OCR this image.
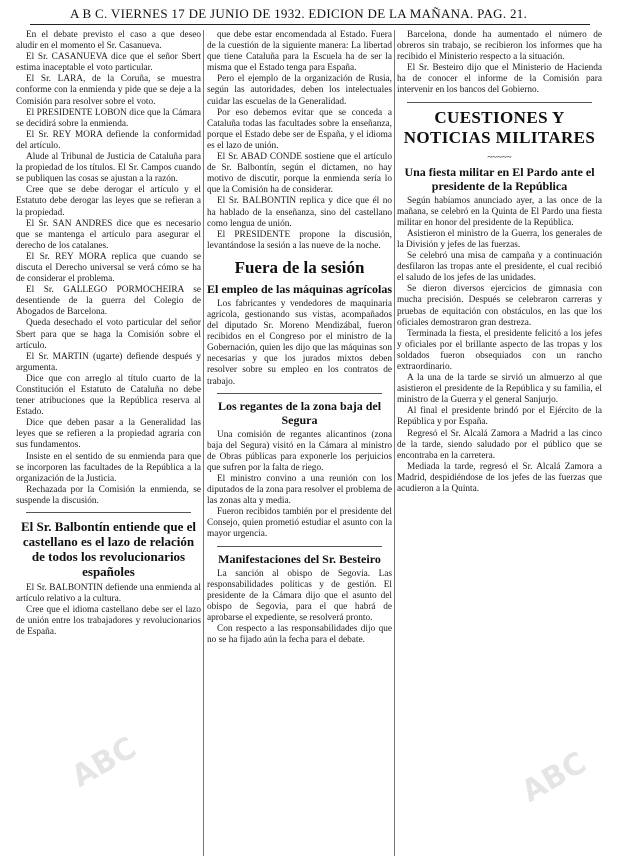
A B C. VIERNES 17 DE JUNIO DE 1932. EDICION DE LA MAÑANA. PAG. 21.

En el debate previsto el caso a que deseo aludir en el momento el Sr. Casanueva.

El Sr. CASANUEVA dice que el señor Sbert estima inaceptable el voto particular.

El Sr. LARA, de la Coruña, se muestra conforme con la enmienda y pide que se deje a la Comisión para resolver sobre el voto.

El PRESIDENTE LOBON dice que la Cámara se decidirá sobre la enmienda.

El Sr. REY MORA defiende la conformidad del artículo.

Alude al Tribunal de Justicia de Cataluña para la propiedad de los títulos. El Sr. Campos cuando se publiquen las cosas se ajustan a la razón.

Cree que se debe derogar el artículo y el Estatuto debe derogar las leyes que se refieran a la propiedad.

El Sr. SAN ANDRES dice que es necesario que se mantenga el artículo para asegurar el derecho de los catalanes.

El Sr. REY MORA replica que cuando se discuta el Derecho universal se verá cómo se ha de considerar el problema.

El Sr. GALLEGO PORMOCHEIRA se desentiende de la guerra del Colegio de Abogados de Barcelona.

Queda desechado el voto particular del señor Sbert para que se haga la Comisión sobre el artículo.

El Sr. MARTIN (ugarte) defiende después y argumenta.

Dice que con arreglo al título cuarto de la Constitución el Estatuto de Cataluña no debe tener atribuciones que la República reserva al Estado.

Dice que deben pasar a la Generalidad las leyes que se refieren a la propiedad agraria con sus fundamentos.

Insiste en el sentido de su enmienda para que se incorporen las facultades de la República a la organización de la Justicia.

Rechazada por la Comisión la enmienda, se suspende la discusión.

El Sr. Balbontín entiende que el castellano es el lazo de relación de todos los revolucionarios españoles

El Sr. BALBONTIN defiende una enmienda al artículo relativo a la cultura.

Cree que el idioma castellano debe ser el lazo de unión entre los trabajadores y revolucionarios de España.

que debe estar encomendada al Estado. Fuera de la cuestión de la siguiente manera: La libertad que tiene Cataluña para la Escuela ha de ser la misma que el Estado tenga para España.

Pero el ejemplo de la organización de Rusia, según las autoridades, deben los intelectuales cuidar las escuelas de la Generalidad.

Por eso debemos evitar que se conceda a Cataluña todas las facultades sobre la enseñanza, porque el Estado debe ser de España, y el idioma es el lazo de unión.

El Sr. ABAD CONDE sostiene que el artículo de Sr. Balbontín, según el dictamen, no hay motivo de discutir, porque la enmienda sería lo que la Comisión ha de considerar.

El Sr. BALBONTIN replica y dice que él no ha hablado de la enseñanza, sino del castellano como lengua de unión.

El PRESIDENTE propone la discusión, levantándose la sesión a las nueve de la noche.

Fuera de la sesión
El empleo de las máquinas agrícolas

Los fabricantes y vendedores de maquinaria agrícola, gestionando sus vistas, acompañados del diputado Sr. Moreno Mendizábal, fueron recibidos en el Congreso por el ministro de la Gobernación, quien les dijo que las máquinas son necesarias y que los jurados mixtos deben resolver sobre su empleo en los contratos de trabajo.

Los regantes de la zona baja del Segura

Una comisión de regantes alicantinos (zona baja del Segura) visitó en la Cámara al ministro de Obras públicas para exponerle los perjuicios que sufren por la falta de riego.

El ministro convino a una reunión con los diputados de la zona para resolver el problema de las zonas alta y media.

Fueron recibidos también por el presidente del Consejo, quien prometió estudiar el asunto con la mayor urgencia.

Manifestaciones del Sr. Besteiro

La sanción al obispo de Segovia. Las responsabilidades políticas y de gestión. El presidente de la Cámara dijo que el asunto del obispo de Segovia, para el que habrá de aprobarse el expediente, se resolverá pronto.

Con respecto a las responsabilidades dijo que no se ha fijado aún la fecha para el debate.

Barcelona, donde ha aumentado el número de obreros sin trabajo, se recibieron los informes que ha recibido el Ministerio respecto a la situación.

El Sr. Besteiro dijo que el Ministerio de Hacienda ha de conocer el informe de la Comisión para intervenir en los bancos del Gobierno.

CUESTIONES Y NOTICIAS MILITARES
~~~~~
Una fiesta militar en El Pardo ante el presidente de la República

Según habíamos anunciado ayer, a las once de la mañana, se celebró en la Quinta de El Pardo una fiesta militar en honor del presidente de la República.

Asistieron el ministro de la Guerra, los generales de la División y jefes de las fuerzas.

Se celebró una misa de campaña y a continuación desfilaron las tropas ante el presidente, el cual recibió el saludo de los jefes de las unidades.

Se dieron diversos ejercicios de gimnasia con mucha precisión. Después se celebraron carreras y pruebas de equitación con obstáculos, en las que los oficiales demostraron gran destreza.

Terminada la fiesta, el presidente felicitó a los jefes y oficiales por el brillante aspecto de las tropas y los soldados fueron obsequiados con un rancho extraordinario.

A la una de la tarde se sirvió un almuerzo al que asistieron el presidente de la República y su familia, el ministro de la Guerra y el general Sanjurjo.

Al final el presidente brindó por el Ejército de la República y por España.

Regresó el Sr. Alcalá Zamora a Madrid a las cinco de la tarde, siendo saludado por el público que se encontraba en la carretera.

Mediada la tarde, regresó el Sr. Alcalá Zamora a Madrid, despidiéndose de los jefes de las fuerzas que acudieron a la Quinta.

ABC	ABC
